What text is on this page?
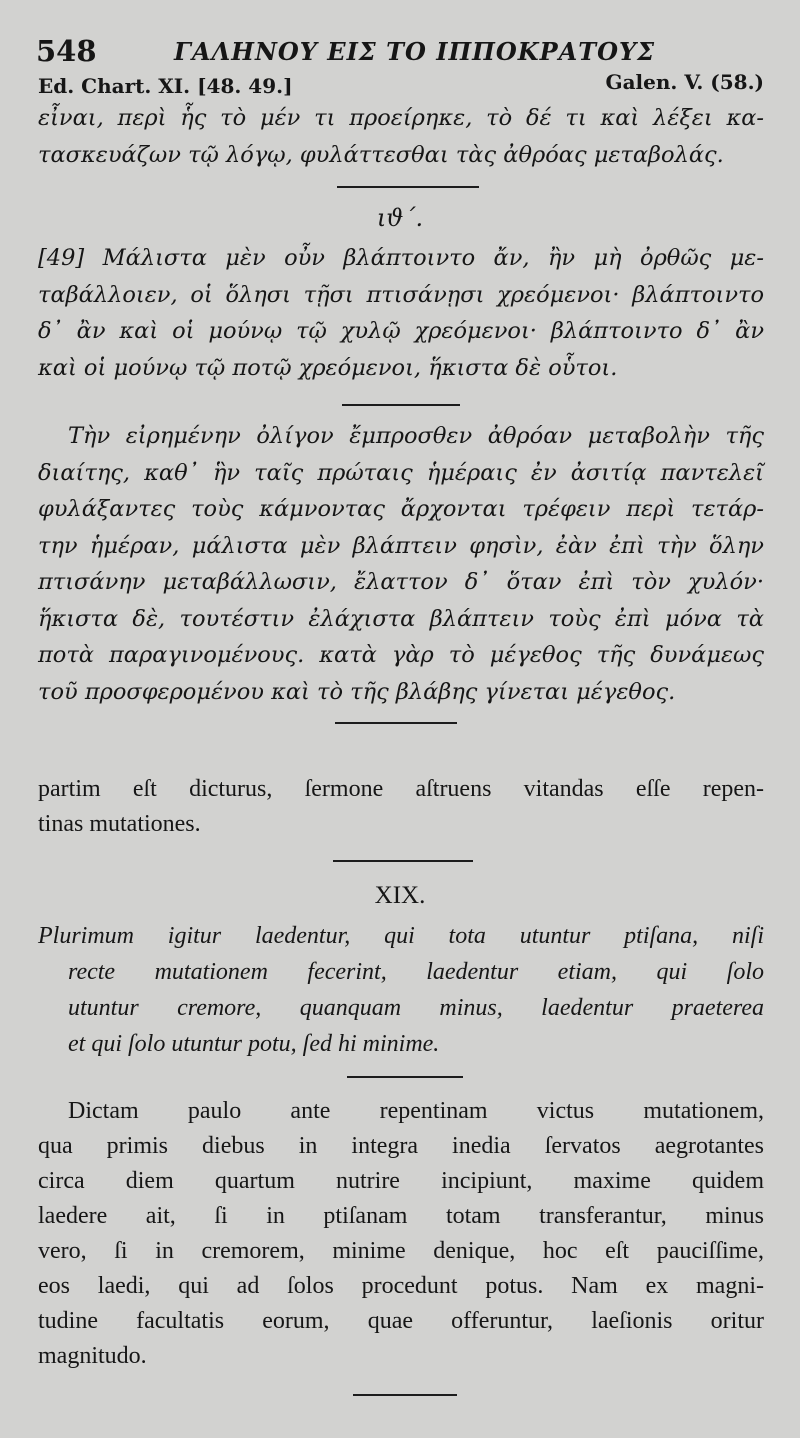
548	ΓΑΛΗΝΟΥ ΕΙΣ ΤΟ ΙΠΠΟΚΡΑΤΟΥΣ
Ed. Chart. XI. [48. 49.]	Galen. V. (58.)
εἶναι, περὶ ἧς τὸ μέν τι προείρηκε, τὸ δέ τι καὶ λέξει κα-
τασκευάζων τῷ λόγῳ, φυλάττεσθαι τὰς ἀθρόας μεταβολάς.
ιϑ΄.
[49] Μάλιστα μὲν οὖν βλάπτοιντο ἄν, ἢν μὴ ὀρθῶς με-
ταβάλλοιεν, οἱ ὅλησι τῇσι πτισάνῃσι χρεόμενοι· βλάπτοιντο
δ᾽ ἂν καὶ οἱ μούνῳ τῷ χυλῷ χρεόμενοι· βλάπτοιντο δ᾽ ἂν
καὶ οἱ μούνῳ τῷ ποτῷ χρεόμενοι, ἥκιστα δὲ οὗτοι.
Τὴν εἰρημένην ὀλίγον ἔμπροσθεν ἀθρόαν μεταβολὴν τῆς
διαίτης, καθ᾽ ἣν ταῖς πρώταις ἡμέραις ἐν ἀσιτίᾳ παντελεῖ
φυλάξαντες τοὺς κάμνοντας ἄρχονται τρέφειν περὶ τετάρ-
την ἡμέραν, μάλιστα μὲν βλάπτειν φησὶν, ἐὰν ἐπὶ τὴν ὅλην
πτισάνην μεταβάλλωσιν, ἔλαττον δ᾽ ὅταν ἐπὶ τὸν χυλόν·
ἥκιστα δὲ, τουτέστιν ἐλάχιστα βλάπτειν τοὺς ἐπὶ μόνα τὰ
ποτὰ παραγινομένους. κατὰ γὰρ τὸ μέγεθος τῆς δυνάμεως
τοῦ προσφερομένου καὶ τὸ τῆς βλάβης γίνεται μέγεθος.
partim eſt dicturus, ſermone aſtruens vitandas eſſe repen-
tinas mutationes.
XIX.
Plurimum igitur laedentur, qui tota utuntur ptiſana, niſi
recte mutationem fecerint, laedentur etiam, qui ſolo
utuntur cremore, quanquam minus, laedentur praeterea
et qui ſolo utuntur potu, ſed hi minime.
Dictam paulo ante repentinam victus mutationem,
qua primis diebus in integra inedia ſervatos aegrotantes
circa diem quartum nutrire incipiunt, maxime quidem
laedere ait, ſi in ptiſanam totam transferantur, minus
vero, ſi in cremorem, minime denique, hoc eſt pauciſſime,
eos laedi, qui ad ſolos procedunt potus. Nam ex magni-
tudine facultatis eorum, quae offeruntur, laeſionis oritur
magnitudo.
